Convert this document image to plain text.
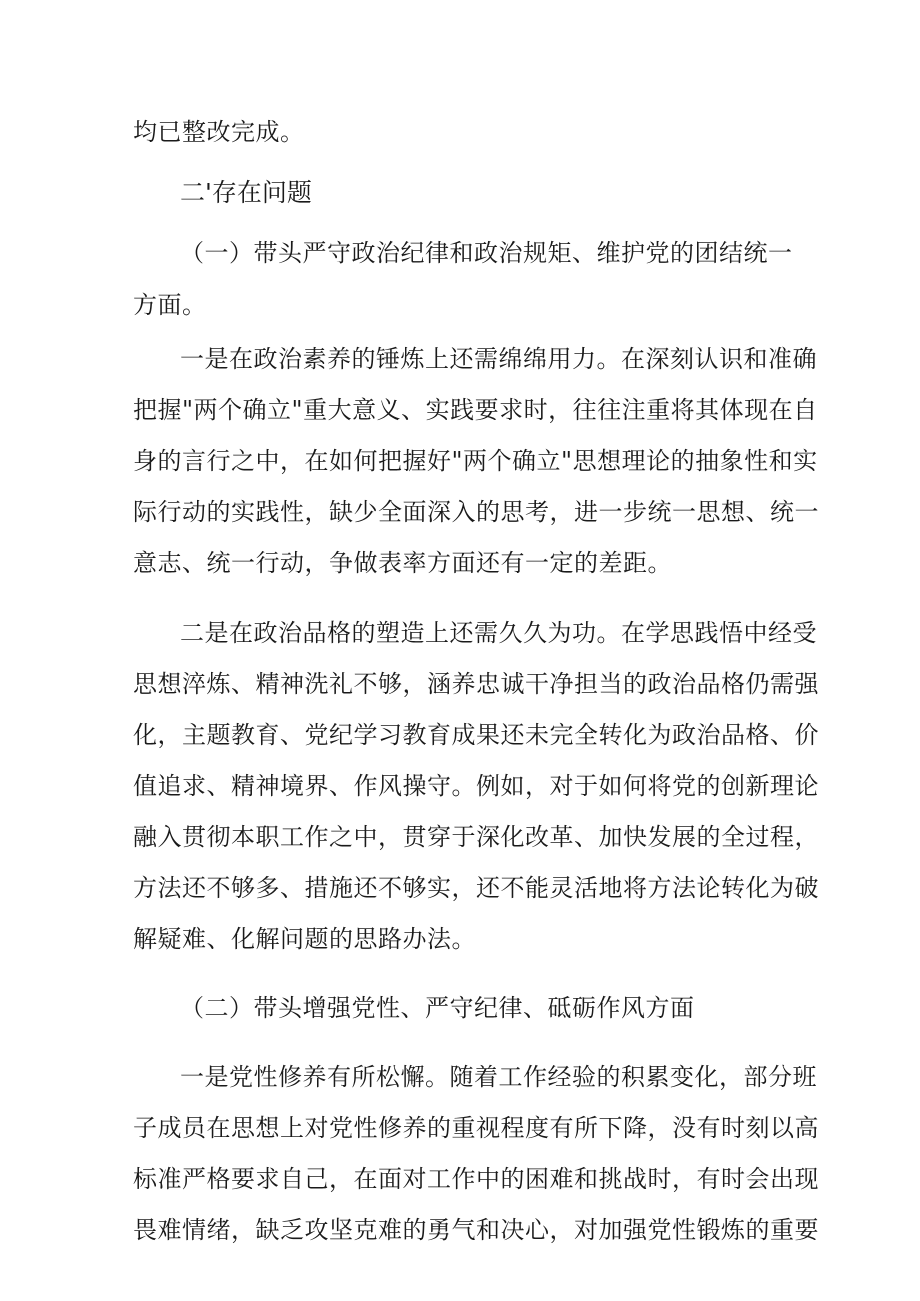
均已整改完成。
二'存在问题
（一）带头严守政治纪律和政治规矩、维护党的团结统一
方面。
一是在政治素养的锤炼上还需绵绵用力。在深刻认识和准确
把握"两个确立"重大意义、实践要求时，往往注重将其体现在自
身的言行之中，在如何把握好"两个确立"思想理论的抽象性和实
际行动的实践性，缺少全面深入的思考，进一步统一思想、统一
意志、统一行动，争做表率方面还有一定的差距。
二是在政治品格的塑造上还需久久为功。在学思践悟中经受
思想淬炼、精神洗礼不够，涵养忠诚干净担当的政治品格仍需强
化，主题教育、党纪学习教育成果还未完全转化为政治品格、价
值追求、精神境界、作风操守。例如，对于如何将党的创新理论
融入贯彻本职工作之中，贯穿于深化改革、加快发展的全过程，
方法还不够多、措施还不够实，还不能灵活地将方法论转化为破
解疑难、化解问题的思路办法。
（二）带头增强党性、严守纪律、砥砺作风方面
一是党性修养有所松懈。随着工作经验的积累变化，部分班
子成员在思想上对党性修养的重视程度有所下降，没有时刻以高
标准严格要求自己，在面对工作中的困难和挑战时，有时会出现
畏难情绪，缺乏攻坚克难的勇气和决心，对加强党性锻炼的重要
